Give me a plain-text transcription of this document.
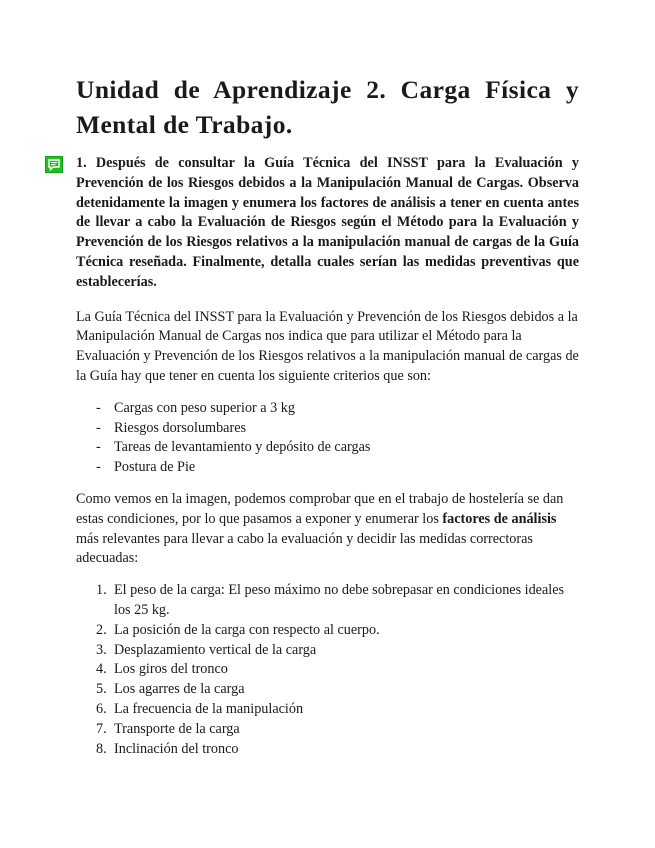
Unidad de Aprendizaje 2. Carga Física y Mental de Trabajo.

1. Después de consultar la Guía Técnica del INSST para la Evaluación y Prevención de los Riesgos debidos a la Manipulación Manual de Cargas. Observa detenidamente la imagen y enumera los factores de análisis a tener en cuenta antes de llevar a cabo la Evaluación de Riesgos según el Método para la Evaluación y Prevención de los Riesgos relativos a la manipulación manual de cargas de la Guía Técnica reseñada. Finalmente, detalla cuales serían las medidas preventivas que establecerías.

La Guía Técnica del INSST para la Evaluación y Prevención de los Riesgos debidos a la Manipulación Manual de Cargas nos indica que para utilizar el Método para la Evaluación y Prevención de los Riesgos relativos a la manipulación manual de cargas de la Guía hay que tener en cuenta los siguiente criterios que son:

- Cargas con peso superior a 3 kg
- Riesgos dorsolumbares
- Tareas de levantamiento y depósito de cargas
- Postura de Pie

Como vemos en la imagen, podemos comprobar que en el trabajo de hostelería se dan estas condiciones, por lo que pasamos a exponer y enumerar los factores de análisis más relevantes para llevar a cabo la evaluación y decidir las medidas correctoras adecuadas:

1. El peso de la carga: El peso máximo no debe sobrepasar en condiciones ideales los 25 kg.
2. La posición de la carga con respecto al cuerpo.
3. Desplazamiento vertical de la carga
4. Los giros del tronco
5. Los agarres de la carga
6. La frecuencia de la manipulación
7. Transporte de la carga
8. Inclinación del tronco
